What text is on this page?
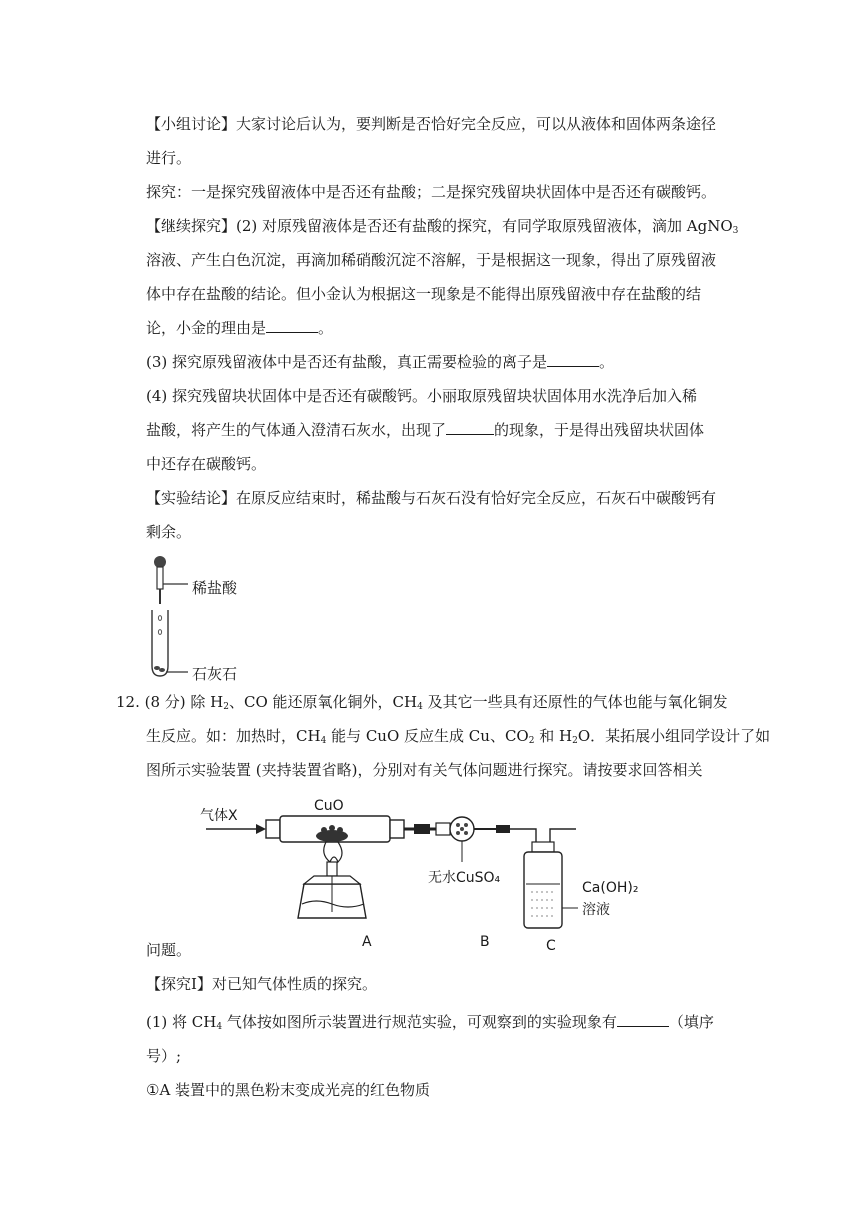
【小组讨论】大家讨论后认为，要判断是否恰好完全反应，可以从液体和固体两条途径
进行。
探究：一是探究残留液体中是否还有盐酸；二是探究残留块状固体中是否还有碳酸钙。
【继续探究】(2) 对原残留液体是否还有盐酸的探究，有同学取原残留液体，滴加 AgNO$_3$
溶液、产生白色沉淀，再滴加稀硝酸沉淀不溶解，于是根据这一现象，得出了原残留液
体中存在盐酸的结论。但小金认为根据这一现象是不能得出原残留液中存在盐酸的结
论，小金的理由是	。
(3) 探究原残留液体中是否还有盐酸，真正需要检验的离子是	。
(4) 探究残留块状固体中是否还有碳酸钙。小丽取原残留块状固体用水洗净后加入稀
盐酸，将产生的气体通入澄清石灰水，出现了	的现象，于是得出残留块状固体
中还存在碳酸钙。
【实验结论】在原反应结束时，稀盐酸与石灰石没有恰好完全反应，石灰石中碳酸钙有
剩余。
稀盐酸
石灰石
12. (8 分) 除 $H_2$、CO 能还原氧化铜外，$CH_4$ 及其它一些具有还原性的气体也能与氧化铜发
生反应。如：加热时，$CH_4$ 能与 CuO 反应生成 Cu、$CO_2$ 和 $H_2O$．某拓展小组同学设计了如
图所示实验装置 (夹持装置省略)，分别对有关气体问题进行探究。请按要求回答相关
气体X
CuO
无水CuSO₄
Ca(OH)₂
溶液
A	B	C
问题。
【探究Ⅰ】对已知气体性质的探究。
(1) 将 $CH_4$ 气体按如图所示装置进行规范实验，可观察到的实验现象有	（填序
号）;
①A 装置中的黑色粉末变成光亮的红色物质
